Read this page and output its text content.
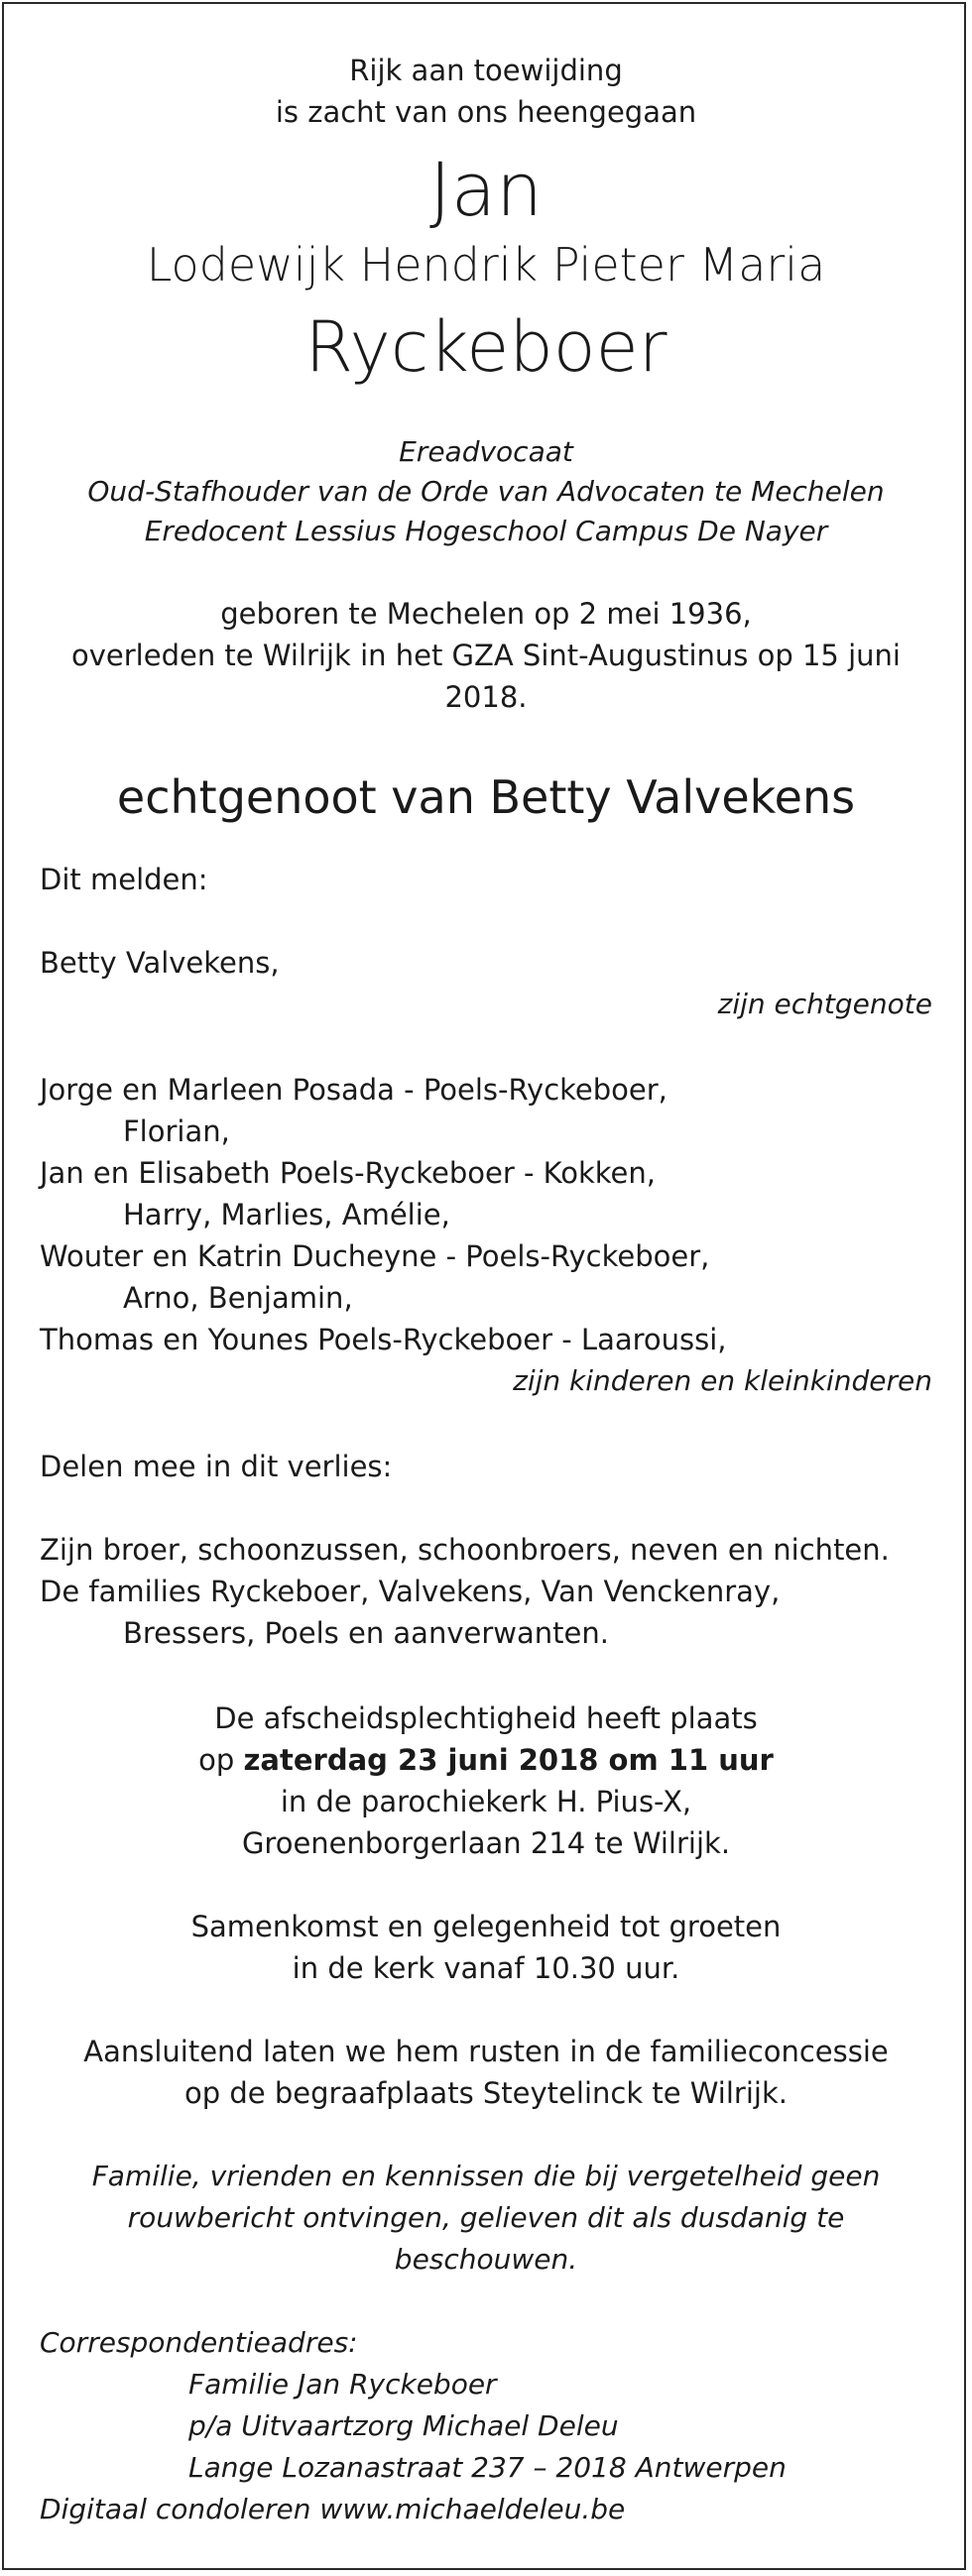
Rijk aan toewijding

is zacht van ons heengegaan

Jan
Lodewijk Hendrik Pieter Maria
Ryckeboer

Ereadvocaat

Oud-Stafhouder van de Orde van Advocaten te Mechelen

Eredocent Lessius Hogeschool Campus De Nayer

geboren te Mechelen op 2 mei 1936,

overleden te Wilrijk in het GZA Sint-Augustinus op 15 juni 2018.

echtgenoot van Betty Valvekens
Dit melden:

Betty Valvekens,

zijn echtgenote

Jorge en Marleen Posada - Poels-Ryckeboer,

Florian,

Jan en Elisabeth Poels-Ryckeboer - Kokken,

Harry, Marlies, Amélie,

Wouter en Katrin Ducheyne - Poels-Ryckeboer,

Arno, Benjamin,

Thomas en Younes Poels-Ryckeboer - Laaroussi,

zijn kinderen en kleinkinderen

Delen mee in dit verlies:

Zijn broer, schoonzussen, schoonbroers, neven en nichten.

De families Ryckeboer, Valvekens, Van Venckenray,

Bressers, Poels en aanverwanten.

De afscheidsplechtigheid heeft plaats

op zaterdag 23 juni 2018 om 11 uur

in de parochiekerk H. Pius-X,

Groenenborgerlaan 214 te Wilrijk.

Samenkomst en gelegenheid tot groeten

in de kerk vanaf 10.30 uur.

Aansluitend laten we hem rusten in de familieconcessie

op de begraafplaats Steytelinck te Wilrijk.

Familie, vrienden en kennissen die bij vergetelheid geen

rouwbericht ontvingen, gelieven dit als dusdanig te beschouwen.

Correspondentieadres:

Familie Jan Ryckeboer

p/a Uitvaartzorg Michael Deleu

Lange Lozanastraat 237 – 2018 Antwerpen

Digitaal condoleren www.michaeldeleu.be
